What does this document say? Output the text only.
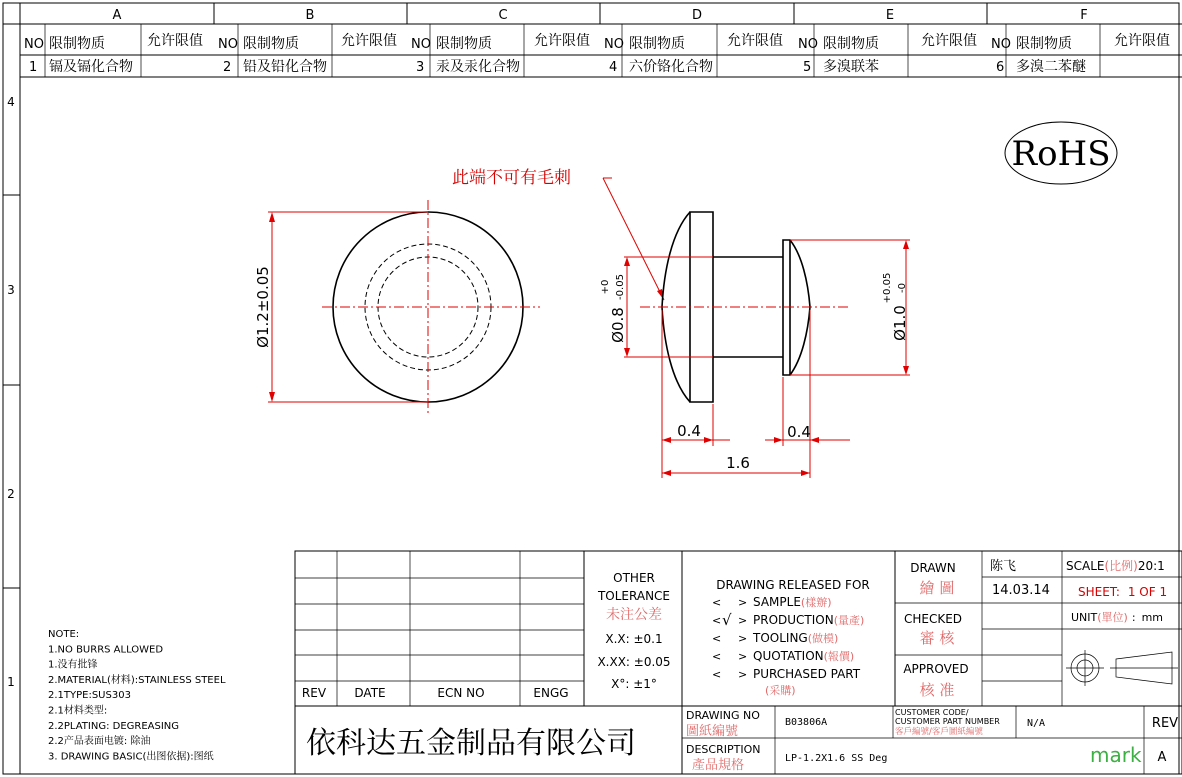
A	B	C	D	E	F
4
3
2
1
NO 限制物质	允许限值 NO 限制物质	允许限值 NO 限制物质	允许限值 NO 限制物质	允许限值 NO 限制物质	允许限值 NO 限制物质	允许限值
1 镉及镉化合物	2 铅及铅化合物	3 汞及汞化合物	4 六价铬化合物	5 多溴联苯	6 多溴二苯醚
RoHS
此端不可有毛刺
Ø1.2±0.05	Ø0.8
+0 -0.05
Ø1.0
+0.05 -0
0.4	0.4
1.6
NOTE:
1.NO BURRS ALLOWED
1.没有批锋
2.MATERIAL(材料):STAINLESS STEEL
2.1TYPE:SUS303
2.1材料类型:
2.2PLATING: DEGREASING
2.2产品表面电镀: 除油
3. DRAWING BASIC(出图依据):图纸
REV DATE	ECN NO	ENGG
OTHER
TOLERANCE
未注公差
X.X: ±0.1
X.XX: ±0.05
X°: ±1°
DRAWING RELEASED FOR
< > SAMPLE(樣辦)
< >
√ PRODUCTION(量產)
< > TOOLING(做模)
< > QUOTATION(報價)
< > PURCHASED PART (采購)
DRAWN
繪 圖
陈飞
14.03.14
CHECKED
審 核
APPROVED
核 准
SCALE(比例)20:1
SHEET: 1 OF 1
UNIT(單位) : mm
依科达五金制品有限公司
DRAWING NO
圖紙編號
B03806A
DESCRIPTION
產品規格	LP-1.2X1.6 SS Deg
CUSTOMER CODE/
CUSTOMER PART NUMBER
客戶編號/客戶圖紙編號
N/A	REV
A
mark
